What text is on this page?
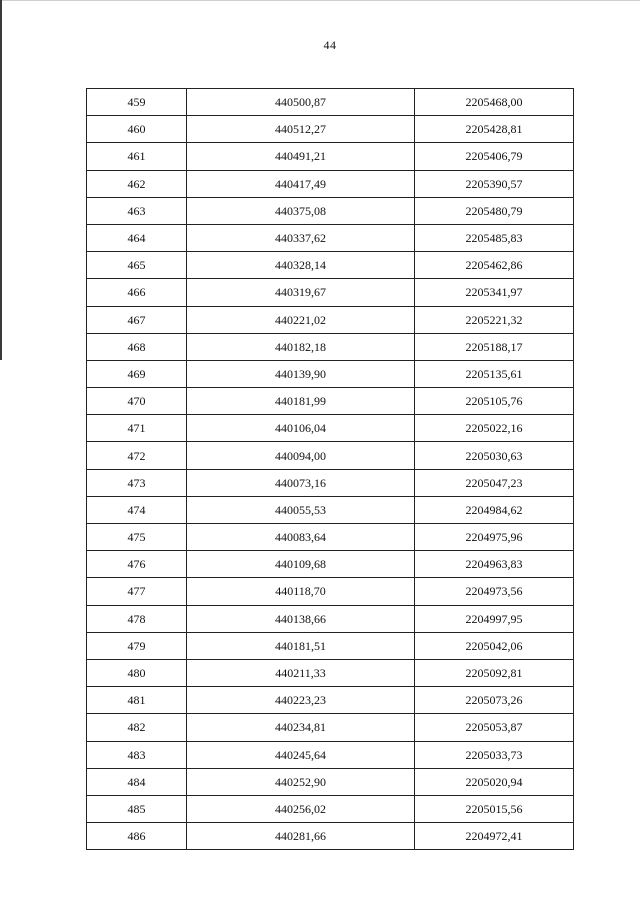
44
459	440500,87	2205468,00
460	440512,27	2205428,81
461	440491,21	2205406,79
462	440417,49	2205390,57
463	440375,08	2205480,79
464	440337,62	2205485,83
465	440328,14	2205462,86
466	440319,67	2205341,97
467	440221,02	2205221,32
468	440182,18	2205188,17
469	440139,90	2205135,61
470	440181,99	2205105,76
471	440106,04	2205022,16
472	440094,00	2205030,63
473	440073,16	2205047,23
474	440055,53	2204984,62
475	440083,64	2204975,96
476	440109,68	2204963,83
477	440118,70	2204973,56
478	440138,66	2204997,95
479	440181,51	2205042,06
480	440211,33	2205092,81
481	440223,23	2205073,26
482	440234,81	2205053,87
483	440245,64	2205033,73
484	440252,90	2205020,94
485	440256,02	2205015,56
486	440281,66	2204972,41
